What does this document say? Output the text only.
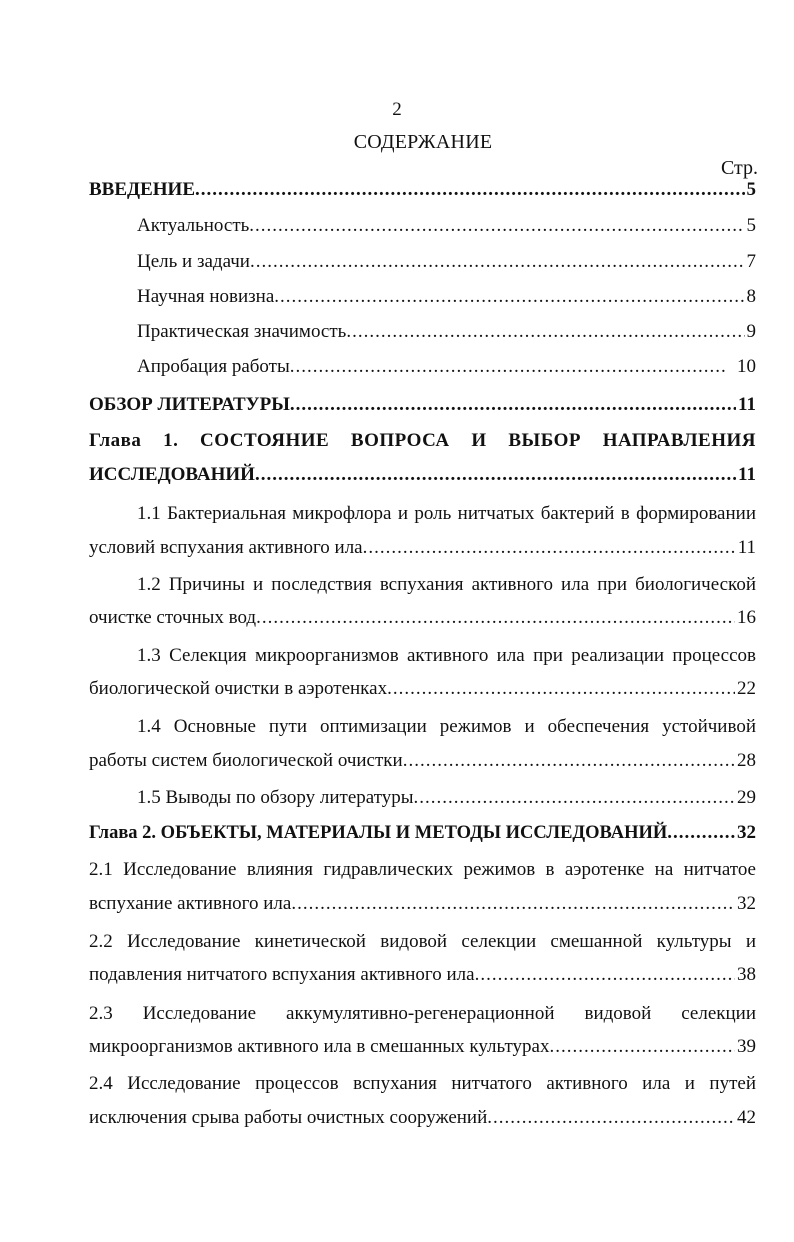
2
СОДЕРЖАНИЕ
Стр.
ВВЕДЕНИЕ .....	5
Актуальность .....	5
Цель и задачи .....	7
Научная новизна .....	8
Практическая значимость .....	9
Апробация работы .....	10
ОБЗОР ЛИТЕРАТУРЫ .....	11
Глава 1. СОСТОЯНИЕ ВОПРОСА И ВЫБОР НАПРАВЛЕНИЯ
ИССЛЕДОВАНИЙ .....	11
1.1 Бактериальная микрофлора и роль нитчатых бактерий в формировании
условий вспухания активного ила .....	11
1.2 Причины и последствия вспухания активного ила при биологической
очистке сточных вод .....	16
1.3 Селекция микроорганизмов активного ила при реализации процессов
биологической очистки в аэротенках .....	22
1.4 Основные пути оптимизации режимов и обеспечения устойчивой
работы систем биологической очистки .....	28
1.5 Выводы по обзору литературы .....	29
Глава 2. ОБЪЕКТЫ, МАТЕРИАЛЫ И МЕТОДЫ ИССЛЕДОВАНИЙ .....	32
2.1 Исследование влияния гидравлических режимов в аэротенке на нитчатое
вспухание активного ила .....	32
2.2 Исследование кинетической видовой селекции смешанной культуры и
подавления нитчатого вспухания активного ила .....	38
2.3 Исследование аккумулятивно-регенерационной видовой селекции
микроорганизмов активного ила в смешанных культурах .....	39
2.4 Исследование процессов вспухания нитчатого активного ила и путей
исключения срыва работы очистных сооружений .....	42
